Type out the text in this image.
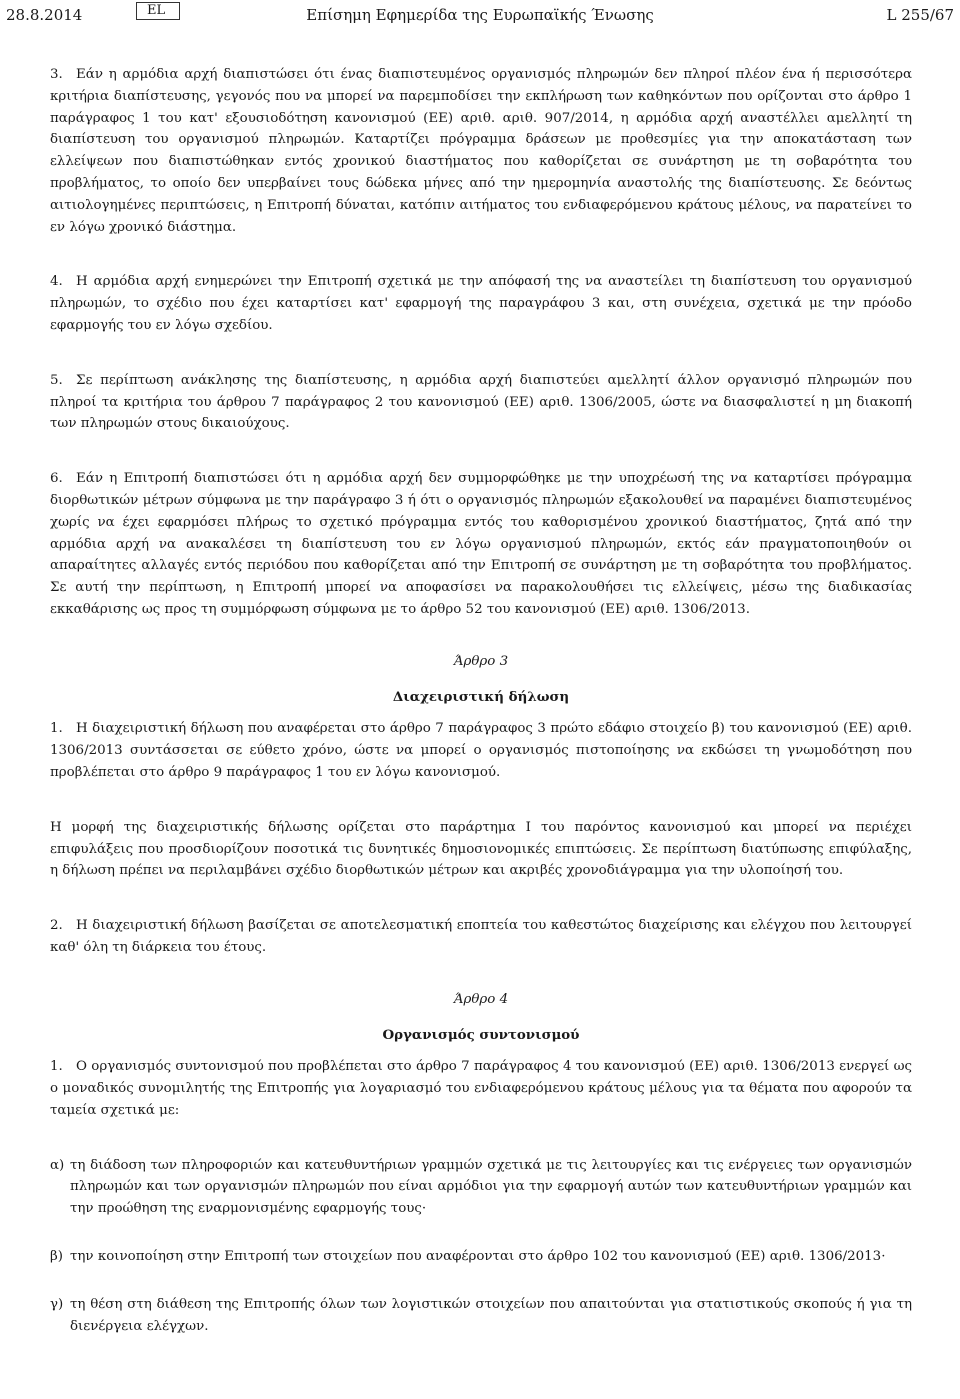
28.8.2014	EL	Επίσημη Εφημερίδα της Ευρωπαϊκής Ένωσης	L 255/67

3. Εάν η αρμόδια αρχή διαπιστώσει ότι ένας διαπιστευμένος οργανισμός πληρωμών δεν πληροί πλέον ένα ή περισσότερα κριτήρια διαπίστευσης, γεγονός που να μπορεί να παρεμποδίσει την εκπλήρωση των καθηκόντων που ορίζονται στο άρθρο 1 παράγραφος 1 του κατ' εξουσιοδότηση κανονισμού (ΕΕ) αριθ. αριθ. 907/2014, η αρμόδια αρχή αναστέλλει αμελλητί τη διαπίστευση του οργανισμού πληρωμών. Καταρτίζει πρόγραμμα δράσεων με προθεσμίες για την αποκατάσταση των ελλείψεων που διαπιστώθηκαν εντός χρονικού διαστήματος που καθορίζεται σε συνάρτηση με τη σοβαρότητα του προβλήματος, το οποίο δεν υπερβαίνει τους δώδεκα μήνες από την ημερομηνία αναστολής της διαπίστευσης. Σε δεόντως αιτιολογημένες περιπτώσεις, η Επιτροπή δύναται, κατόπιν αιτήματος του ενδιαφερόμενου κράτους μέλους, να παρατείνει το εν λόγω χρονικό διάστημα.

4. Η αρμόδια αρχή ενημερώνει την Επιτροπή σχετικά με την απόφασή της να αναστείλει τη διαπίστευση του οργανισμού πληρωμών, το σχέδιο που έχει καταρτίσει κατ' εφαρμογή της παραγράφου 3 και, στη συνέχεια, σχετικά με την πρόοδο εφαρμογής του εν λόγω σχεδίου.

5. Σε περίπτωση ανάκλησης της διαπίστευσης, η αρμόδια αρχή διαπιστεύει αμελλητί άλλον οργανισμό πληρωμών που πληροί τα κριτήρια του άρθρου 7 παράγραφος 2 του κανονισμού (ΕΕ) αριθ. 1306/2005, ώστε να διασφαλιστεί η μη διακοπή των πληρωμών στους δικαιούχους.

6. Εάν η Επιτροπή διαπιστώσει ότι η αρμόδια αρχή δεν συμμορφώθηκε με την υποχρέωσή της να καταρτίσει πρόγραμμα διορθωτικών μέτρων σύμφωνα με την παράγραφο 3 ή ότι ο οργανισμός πληρωμών εξακολουθεί να παραμένει διαπιστευμένος χωρίς να έχει εφαρμόσει πλήρως το σχετικό πρόγραμμα εντός του καθορισμένου χρονικού διαστήματος, ζητά από την αρμόδια αρχή να ανακαλέσει τη διαπίστευση του εν λόγω οργανισμού πληρωμών, εκτός εάν πραγματοποιηθούν οι απαραίτητες αλλαγές εντός περιόδου που καθορίζεται από την Επιτροπή σε συνάρτηση με τη σοβαρότητα του προβλήματος. Σε αυτή την περίπτωση, η Επιτροπή μπορεί να αποφασίσει να παρακολουθήσει τις ελλείψεις, μέσω της διαδικασίας εκκαθάρισης ως προς τη συμμόρφωση σύμφωνα με το άρθρο 52 του κανονισμού (ΕΕ) αριθ. 1306/2013.

Άρθρο 3
Διαχειριστική δήλωση

1. Η διαχειριστική δήλωση που αναφέρεται στο άρθρο 7 παράγραφος 3 πρώτο εδάφιο στοιχείο β) του κανονισμού (ΕΕ) αριθ. 1306/2013 συντάσσεται σε εύθετο χρόνο, ώστε να μπορεί ο οργανισμός πιστοποίησης να εκδώσει τη γνωμοδότηση που προβλέπεται στο άρθρο 9 παράγραφος 1 του εν λόγω κανονισμού.

Η μορφή της διαχειριστικής δήλωσης ορίζεται στο παράρτημα I του παρόντος κανονισμού και μπορεί να περιέχει επιφυλάξεις που προσδιορίζουν ποσοτικά τις δυνητικές δημοσιονομικές επιπτώσεις. Σε περίπτωση διατύπωσης επιφύλαξης, η δήλωση πρέπει να περιλαμβάνει σχέδιο διορθωτικών μέτρων και ακριβές χρονοδιάγραμμα για την υλοποίησή του.

2. Η διαχειριστική δήλωση βασίζεται σε αποτελεσματική εποπτεία του καθεστώτος διαχείρισης και ελέγχου που λειτουργεί καθ' όλη τη διάρκεια του έτους.

Άρθρο 4
Οργανισμός συντονισμού

1. Ο οργανισμός συντονισμού που προβλέπεται στο άρθρο 7 παράγραφος 4 του κανονισμού (ΕΕ) αριθ. 1306/2013 ενεργεί ως ο μοναδικός συνομιλητής της Επιτροπής για λογαριασμό του ενδιαφερόμενου κράτους μέλους για τα θέματα που αφορούν τα ταμεία σχετικά με:

α) τη διάδοση των πληροφοριών και κατευθυντήριων γραμμών σχετικά με τις λειτουργίες και τις ενέργειες των οργανισμών πληρωμών και των οργανισμών πληρωμών που είναι αρμόδιοι για την εφαρμογή αυτών των κατευθυντήριων γραμμών και την προώθηση της εναρμονισμένης εφαρμογής τους·
β) την κοινοποίηση στην Επιτροπή των στοιχείων που αναφέρονται στο άρθρο 102 του κανονισμού (ΕΕ) αριθ. 1306/2013·
γ) τη θέση στη διάθεση της Επιτροπής όλων των λογιστικών στοιχείων που απαιτούνται για στατιστικούς σκοπούς ή για τη διενέργεια ελέγχων.
